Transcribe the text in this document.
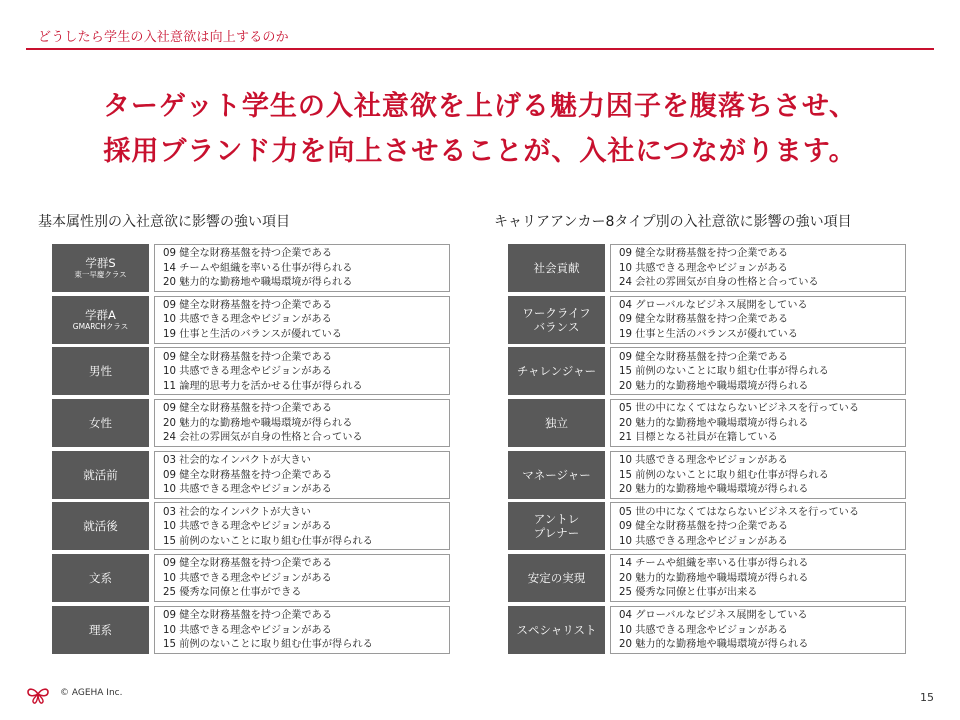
どうしたら学生の入社意欲は向上するのか
ターゲット学生の入社意欲を上げる魅力因子を腹落ちさせ、
採用ブランド力を向上させることが、入社につながります。
基本属性別の入社意欲に影響の強い項目
学群S
東一早慶クラス
09 健全な財務基盤を持つ企業である
14 チームや組織を率いる仕事が得られる
20 魅力的な勤務地や職場環境が得られる
学群A
GMARCHクラス
09 健全な財務基盤を持つ企業である
10 共感できる理念やビジョンがある
19 仕事と生活のバランスが優れている
男性
09 健全な財務基盤を持つ企業である
10 共感できる理念やビジョンがある
11 論理的思考力を活かせる仕事が得られる
女性
09 健全な財務基盤を持つ企業である
20 魅力的な勤務地や職場環境が得られる
24 会社の雰囲気が自身の性格と合っている
就活前
03 社会的なインパクトが大きい
09 健全な財務基盤を持つ企業である
10 共感できる理念やビジョンがある
就活後
03 社会的なインパクトが大きい
10 共感できる理念やビジョンがある
15 前例のないことに取り組む仕事が得られる
文系
09 健全な財務基盤を持つ企業である
10 共感できる理念やビジョンがある
25 優秀な同僚と仕事ができる
理系
09 健全な財務基盤を持つ企業である
10 共感できる理念やビジョンがある
15 前例のないことに取り組む仕事が得られる
キャリアアンカー8タイプ別の入社意欲に影響の強い項目
社会貢献
09 健全な財務基盤を持つ企業である
10 共感できる理念やビジョンがある
24 会社の雰囲気が自身の性格と合っている
ワークライフ
バランス
04 グローバルなビジネス展開をしている
09 健全な財務基盤を持つ企業である
19 仕事と生活のバランスが優れている
チャレンジャー
09 健全な財務基盤を持つ企業である
15 前例のないことに取り組む仕事が得られる
20 魅力的な勤務地や職場環境が得られる
独立
05 世の中になくてはならないビジネスを行っている
20 魅力的な勤務地や職場環境が得られる
21 目標となる社員が在籍している
マネージャー
10 共感できる理念やビジョンがある
15 前例のないことに取り組む仕事が得られる
20 魅力的な勤務地や職場環境が得られる
アントレ
プレナー
05 世の中になくてはならないビジネスを行っている
09 健全な財務基盤を持つ企業である
10 共感できる理念やビジョンがある
安定の実現
14 チームや組織を率いる仕事が得られる
20 魅力的な勤務地や職場環境が得られる
25 優秀な同僚と仕事が出来る
スペシャリスト
04 グローバルなビジネス展開をしている
10 共感できる理念やビジョンがある
20 魅力的な勤務地や職場環境が得られる
© AGEHA Inc.	15
